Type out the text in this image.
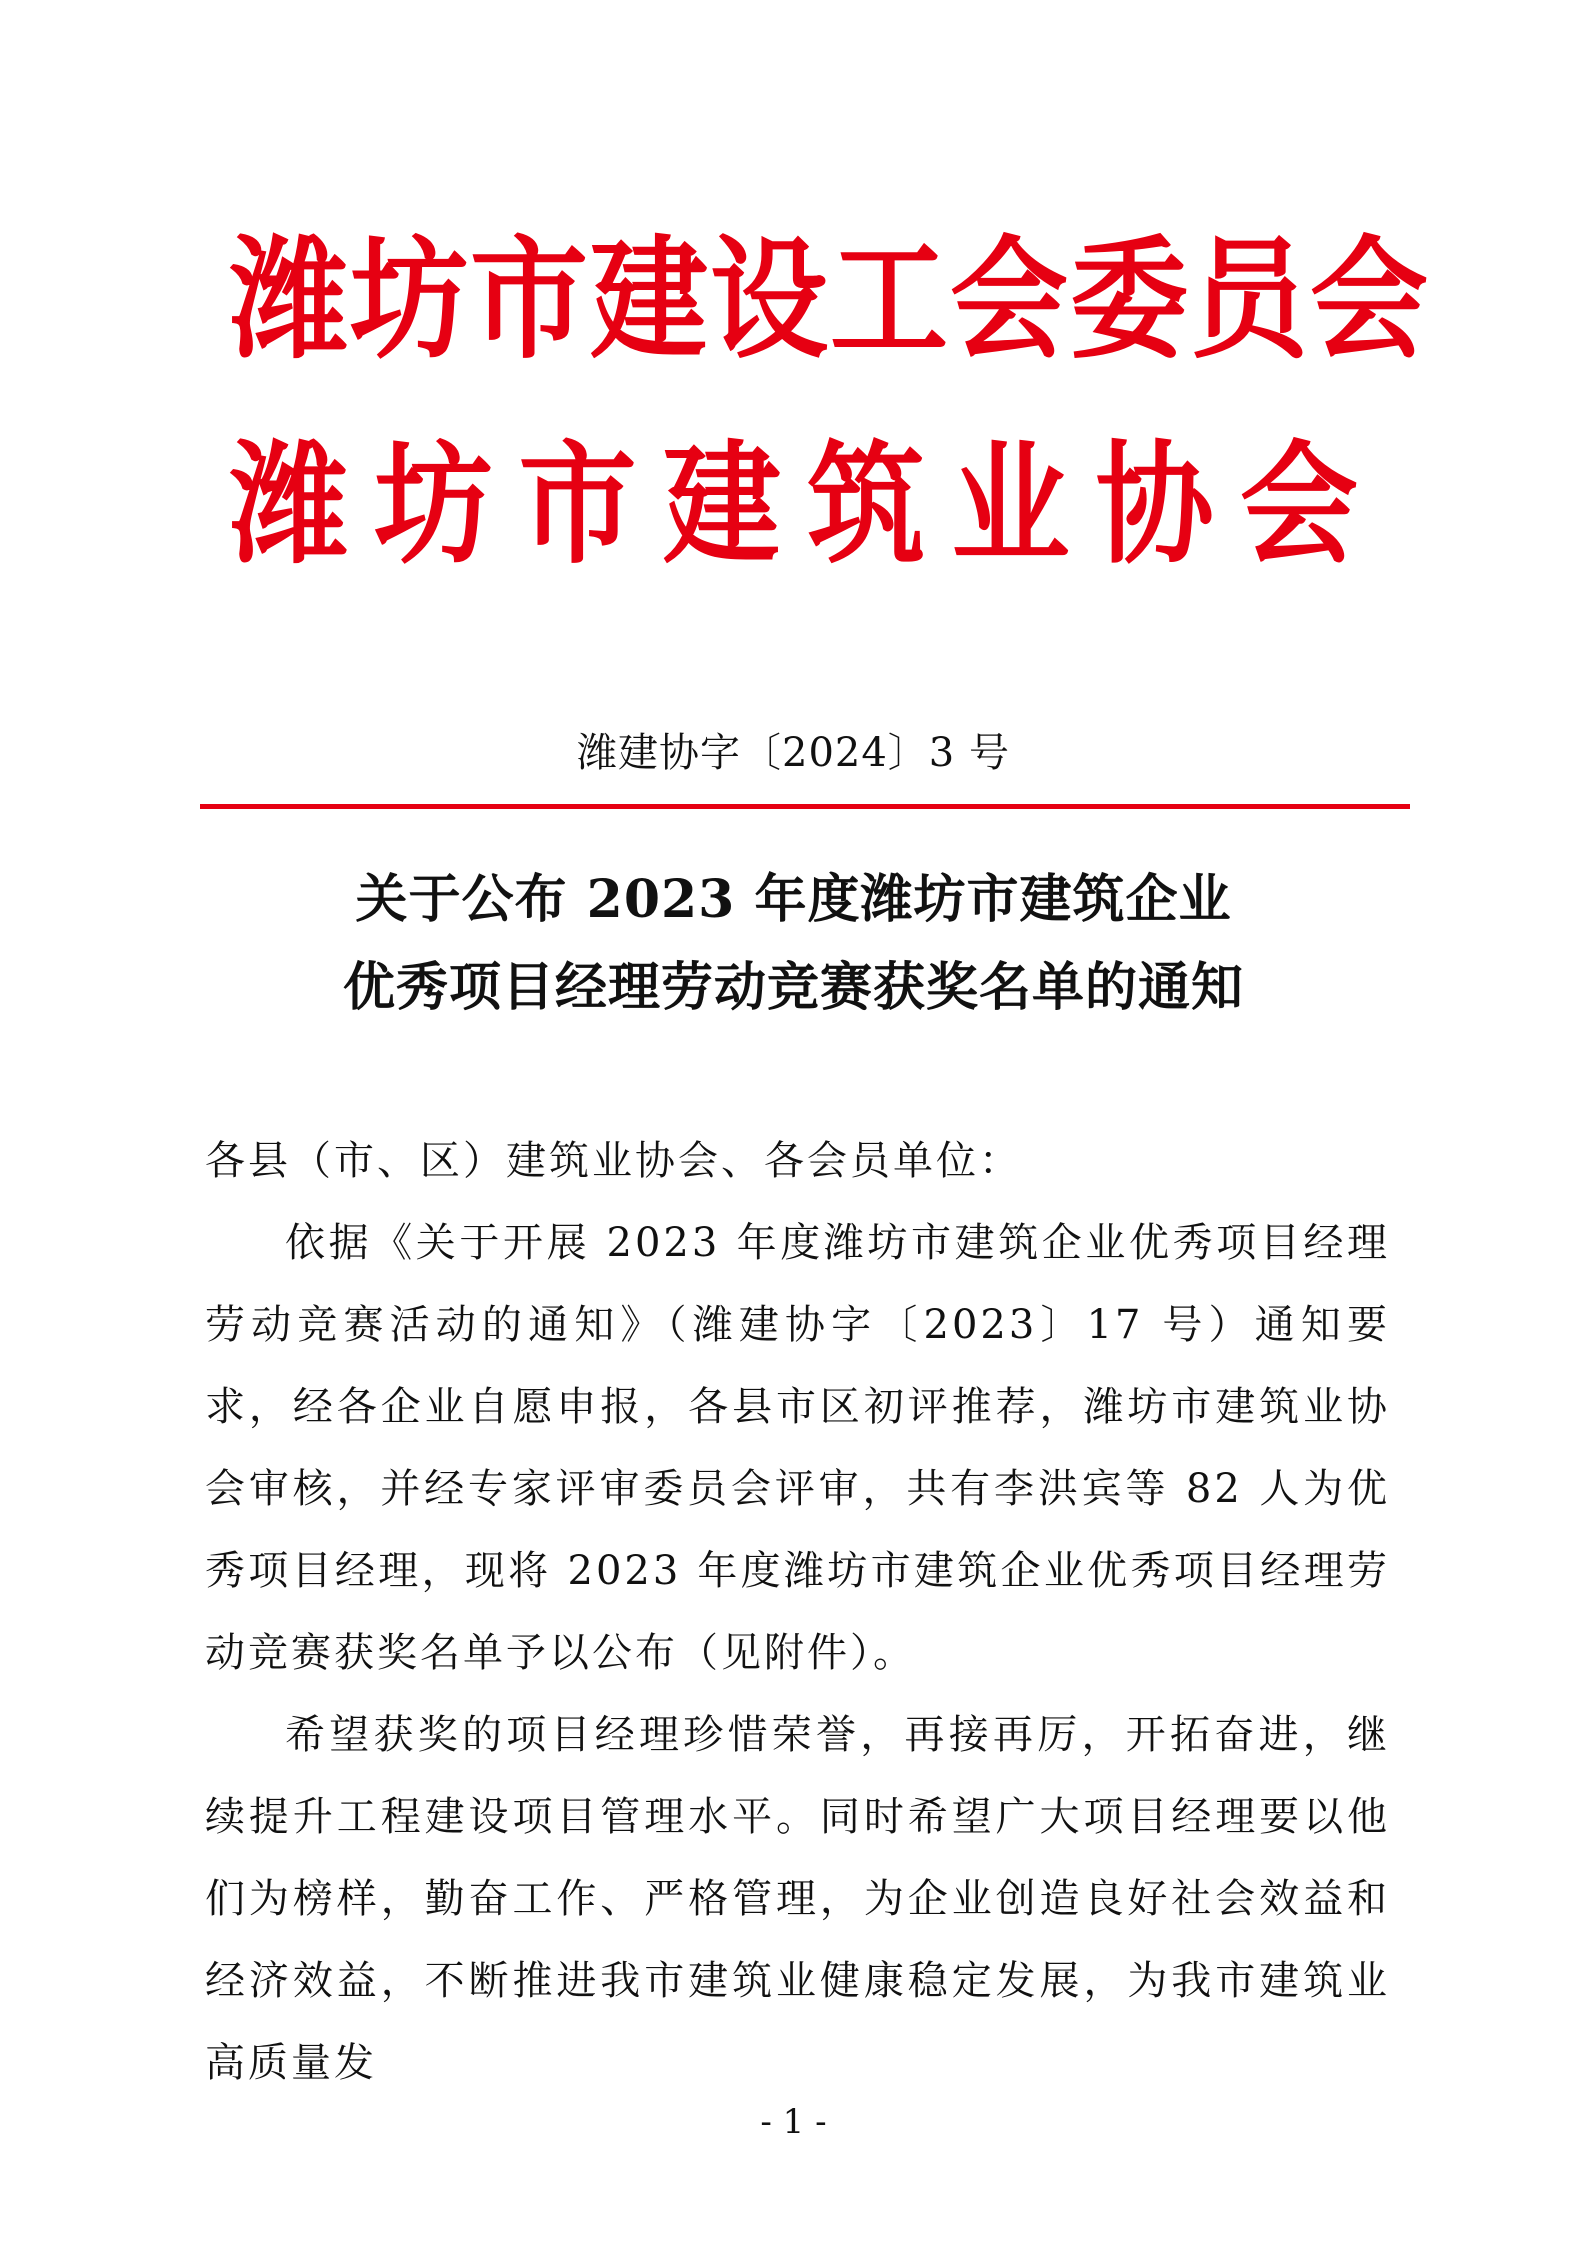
潍坊市建设工会委员会
潍坊市建筑业协会
潍建协字〔2024〕3 号
关于公布 2023 年度潍坊市建筑企业
优秀项目经理劳动竞赛获奖名单的通知
各县（市、区）建筑业协会、各会员单位：
依据《关于开展 2023 年度潍坊市建筑企业优秀项目经理劳动竞赛活动的通知》（潍建协字〔2023〕17 号）通知要求，经各企业自愿申报，各县市区初评推荐，潍坊市建筑业协会审核，并经专家评审委员会评审，共有李洪宾等 82 人为优秀项目经理，现将 2023 年度潍坊市建筑企业优秀项目经理劳动竞赛获奖名单予以公布（见附件）。
希望获奖的项目经理珍惜荣誉，再接再厉，开拓奋进，继续提升工程建设项目管理水平。同时希望广大项目经理要以他们为榜样，勤奋工作、严格管理，为企业创造良好社会效益和经济效益，不断推进我市建筑业健康稳定发展，为我市建筑业高质量发
- 1 -
